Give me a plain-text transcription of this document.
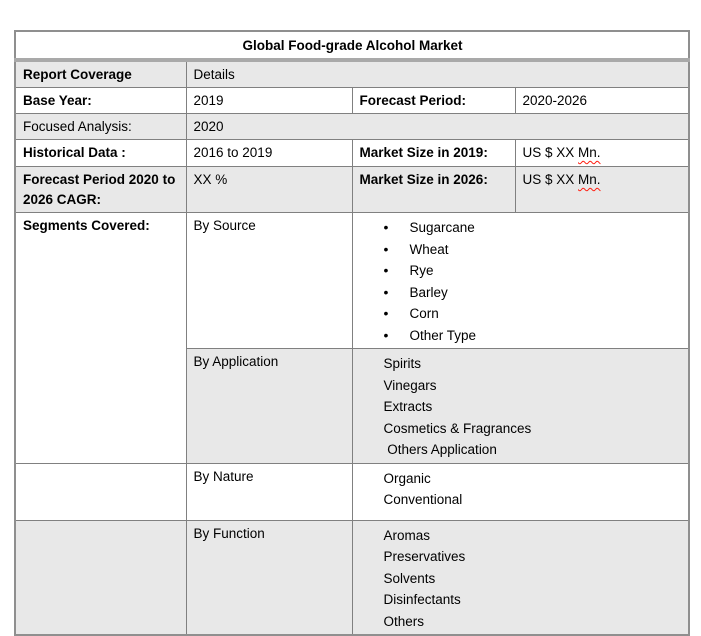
Global Food-grade Alcohol Market			
Report Coverage	Details		
Base Year:	2019	Forecast Period:	2020-2026
Focused Analysis:	2020		
Historical Data :	2016 to 2019	Market Size in 2019:	US $ XX Mn.
Forecast Period 2020 to 2026 CAGR:	XX %	Market Size in 2026:	US $ XX Mn.
Segments Covered:	By Source	
•Sugarcane
• Wheat
• Rye
• Barley
• Corn
• Other Type

	By Application	Spirits
Vinegars
Extracts
Cosmetics & Fragrances
Others Application	

	By Nature	Organic
Conventional	

	By Function	Aromas
Preservatives
Solvents
Disinfectants
Others	
